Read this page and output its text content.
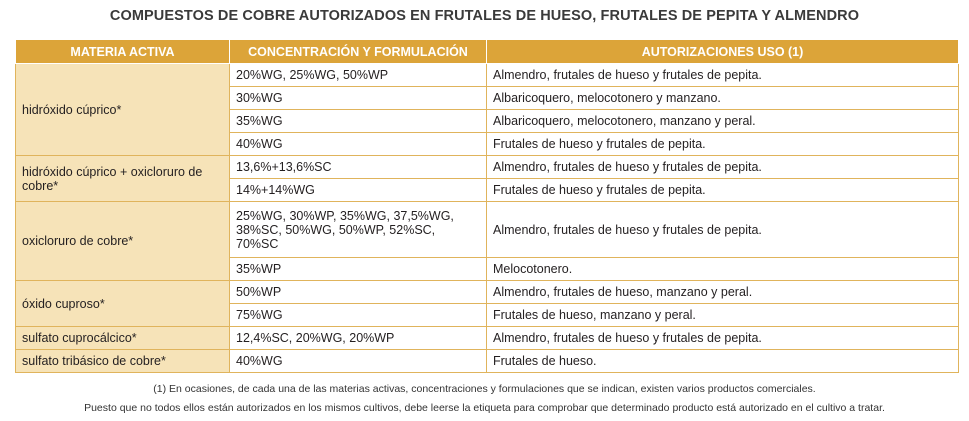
COMPUESTOS DE COBRE AUTORIZADOS EN FRUTALES DE HUESO, FRUTALES DE PEPITA Y ALMENDRO
MATERIA ACTIVA	CONCENTRACIÓN Y FORMULACIÓN	AUTORIZACIONES USO (1)
hidróxido cúprico*	20%WG, 25%WG, 50%WP	Almendro, frutales de hueso y frutales de pepita.
	30%WG	Albaricoquero, melocotonero y manzano.
	35%WG	Albaricoquero, melocotonero, manzano y peral.
	40%WG	Frutales de hueso y frutales de pepita.
hidróxido cúprico + oxicloruro de cobre*	13,6%+13,6%SC	Almendro, frutales de hueso y frutales de pepita.
	14%+14%WG	Frutales de hueso y frutales de pepita.
oxicloruro de cobre*	25%WG, 30%WP, 35%WG, 37,5%WG, 38%SC, 50%WG, 50%WP, 52%SC, 70%SC	Almendro, frutales de hueso y frutales de pepita.
	35%WP	Melocotonero.
óxido cuproso*	50%WP	Almendro, frutales de hueso, manzano y peral.
	75%WG	Frutales de hueso, manzano y peral.
sulfato cuprocálcico*	12,4%SC, 20%WG, 20%WP	Almendro, frutales de hueso y frutales de pepita.
sulfato tribásico de cobre*	40%WG	Frutales de hueso.
(1) En ocasiones, de cada una de las materias activas, concentraciones y formulaciones que se indican, existen varios productos comerciales.
Puesto que no todos ellos están autorizados en los mismos cultivos, debe leerse la etiqueta para comprobar que determinado producto está autorizado en el cultivo a tratar.
